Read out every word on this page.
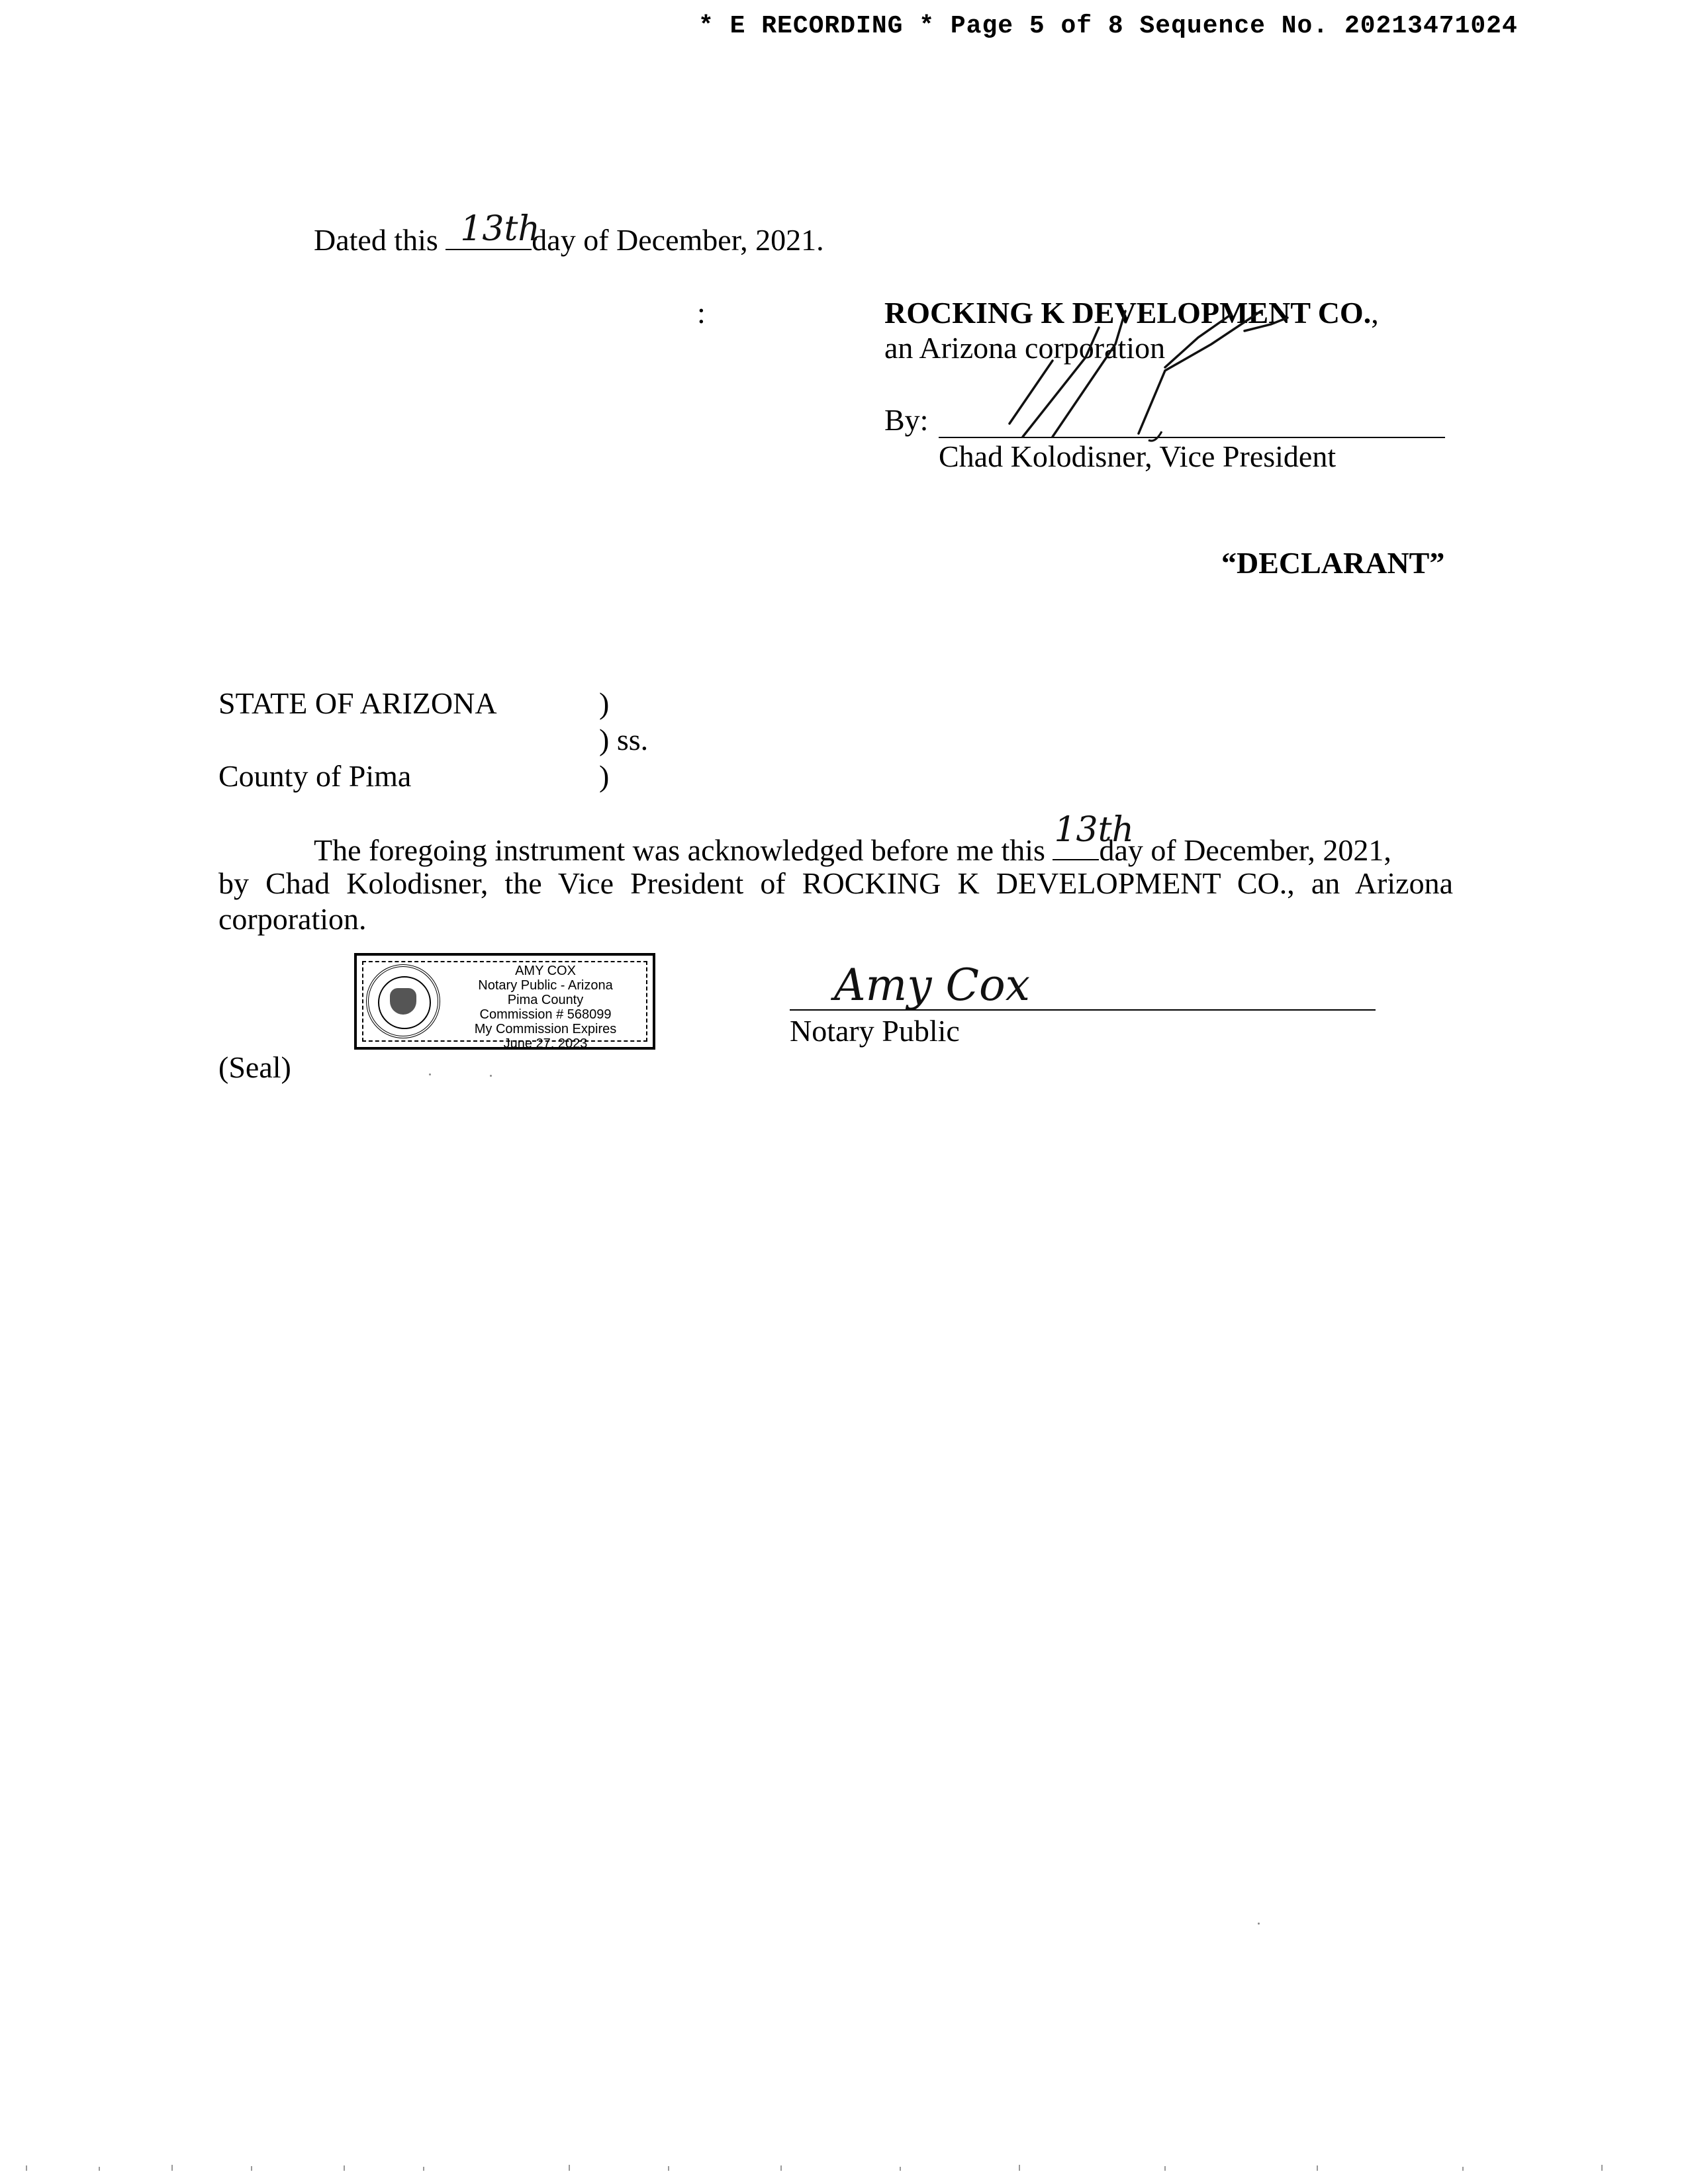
* E RECORDING * Page 5 of 8 Sequence No. 20213471024
Dated this 13th
day of December, 2021.
:	ROCKING K DEVELOPMENT CO.,
an Arizona corporation
By:
Chad Kolodisner, Vice President
“DECLARANT”
STATE OF ARIZONA
County of Pima
)
) ss.
)
The foregoing instrument was acknowledged before me this
13th
day of December, 2021,
by Chad Kolodisner, the Vice President of ROCKING K DEVELOPMENT CO., an Arizona
corporation.
AMY COX
Notary Public - Arizona
Pima County
Commission # 568099
My Commission Expires
June 27, 2023
Amy Cox
Notary Public
(Seal)
